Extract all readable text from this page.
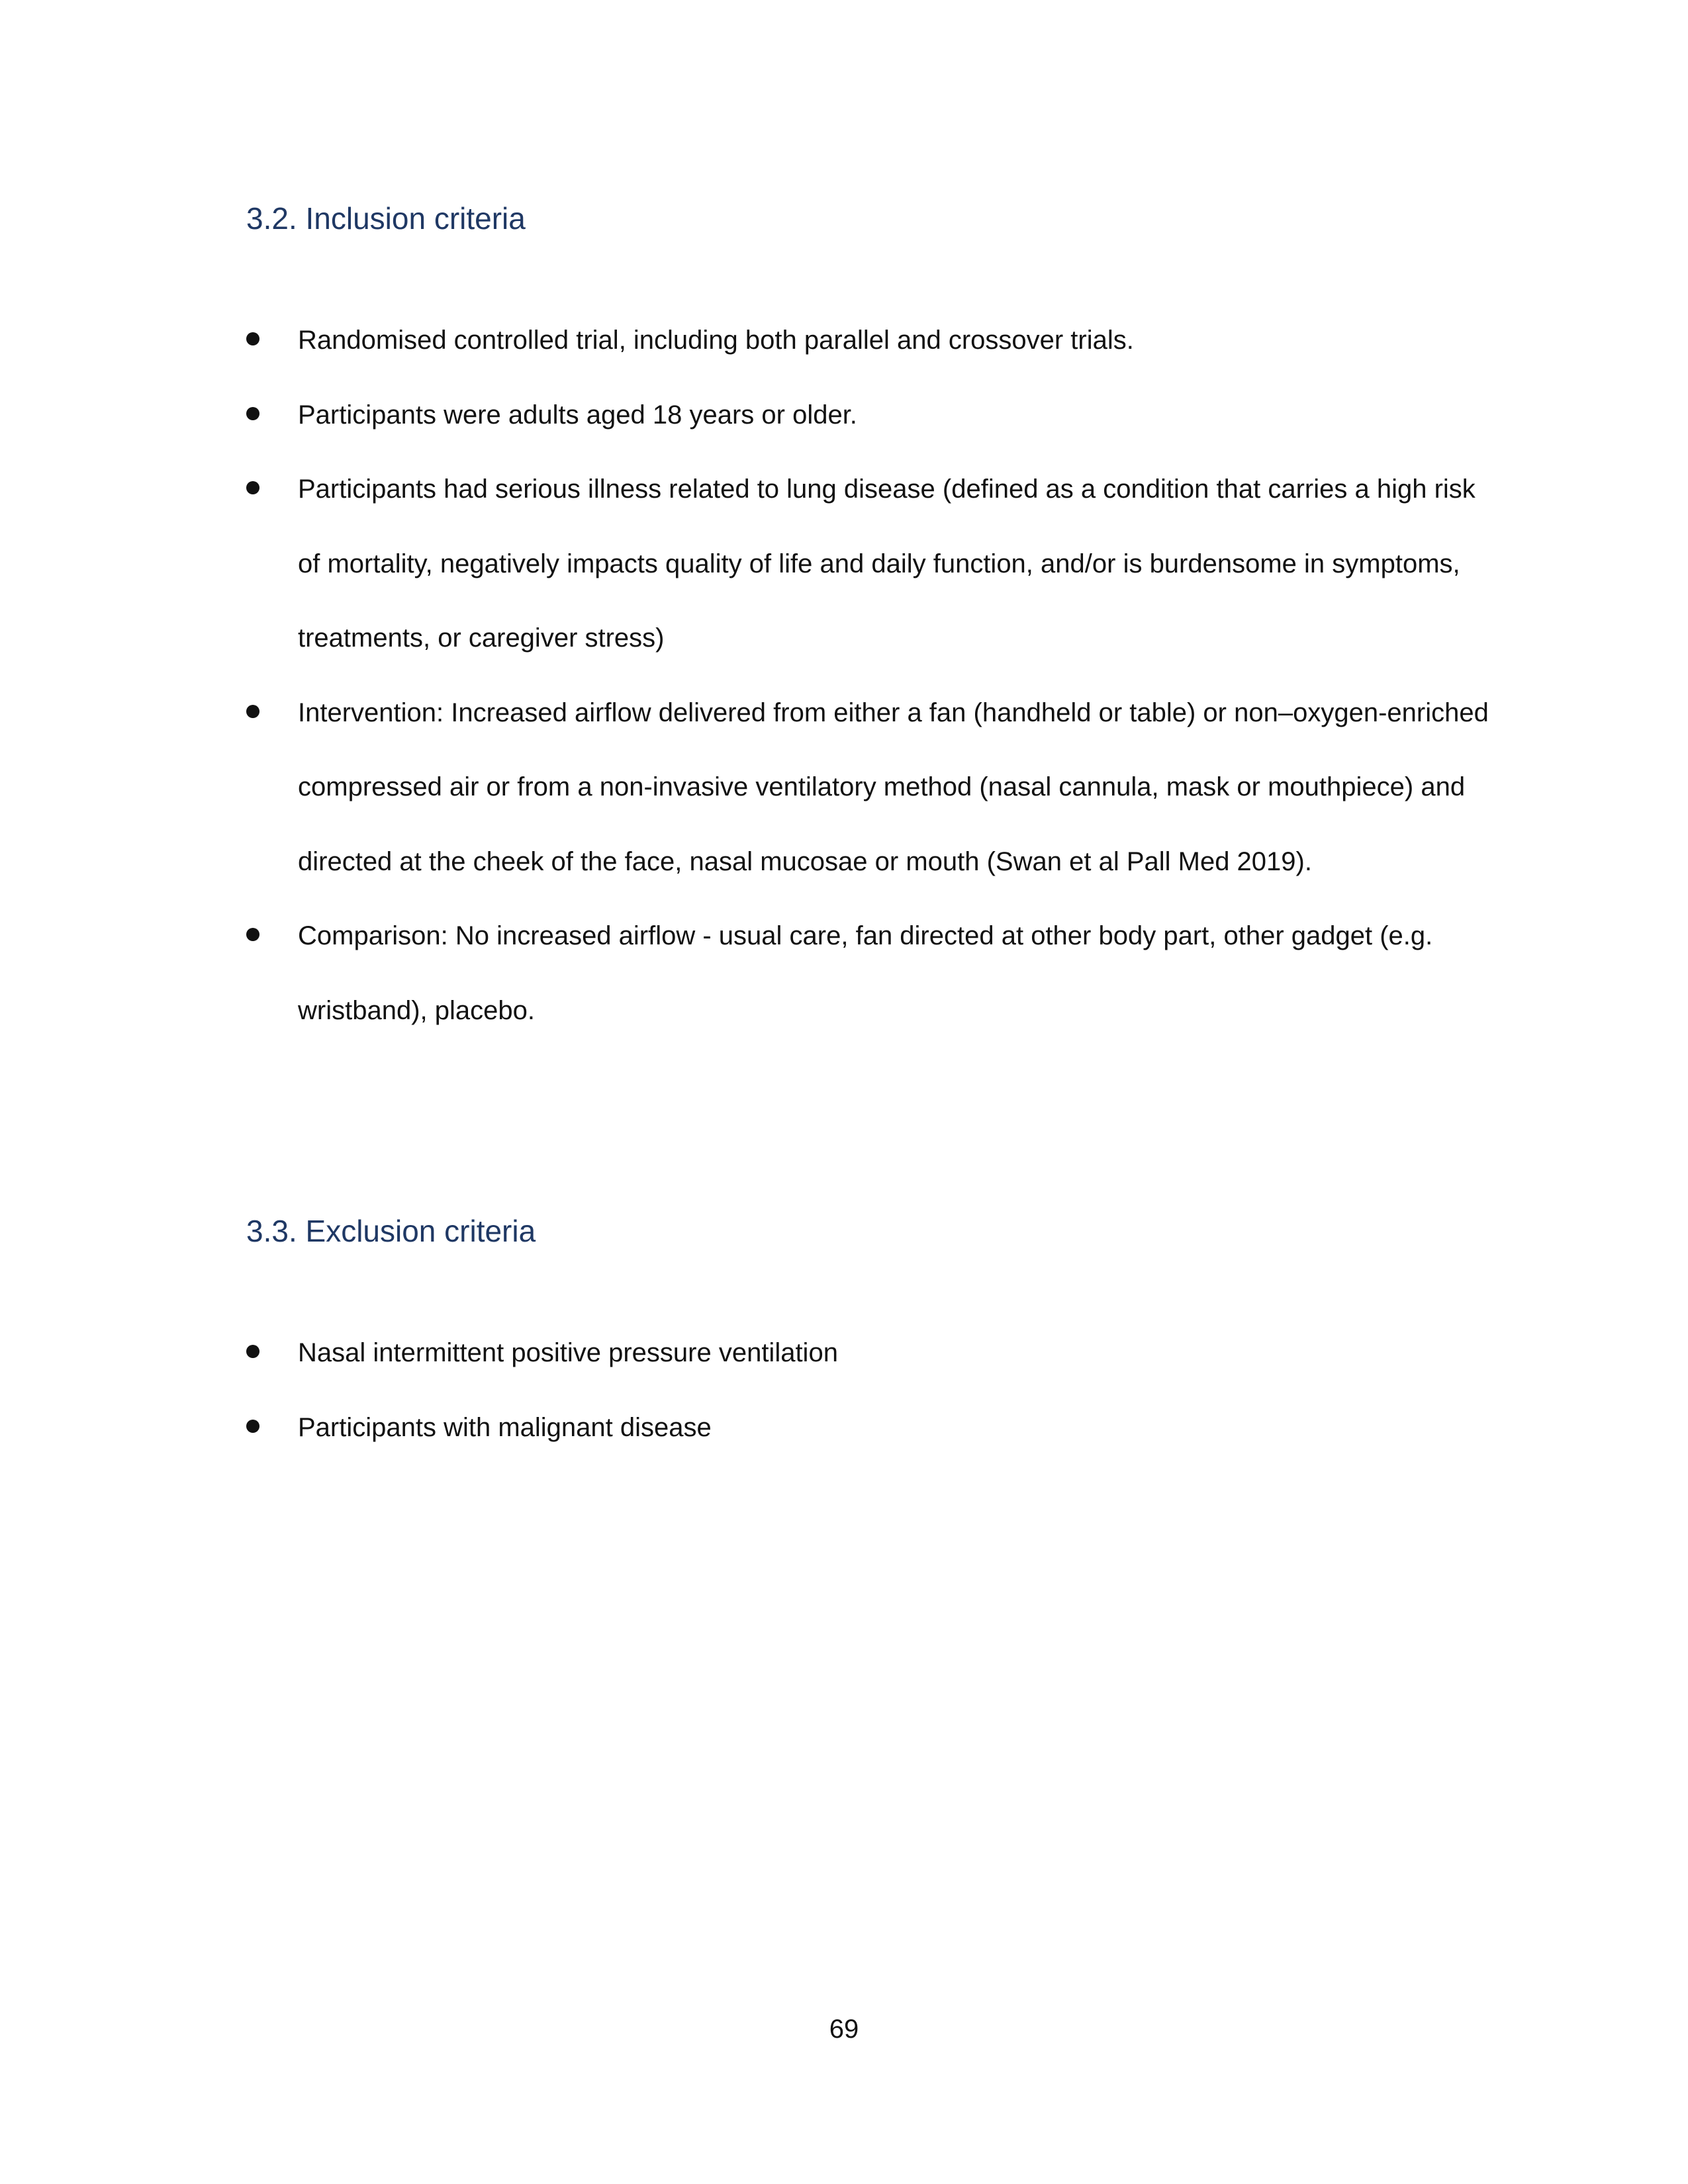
3.2. Inclusion criteria
Randomised controlled trial, including both parallel and crossover trials.
Participants were adults aged 18 years or older.
Participants had serious illness related to lung disease (defined as a condition that carries a high risk of mortality, negatively impacts quality of life and daily function, and/or is burdensome in symptoms, treatments, or caregiver stress)
Intervention: Increased airflow delivered from either a fan (handheld or table) or non–oxygen-enriched compressed air or from a non-invasive ventilatory method (nasal cannula, mask or mouthpiece) and directed at the cheek of the face, nasal mucosae or mouth (Swan et al Pall Med 2019).
Comparison: No increased airflow - usual care, fan directed at other body part, other gadget (e.g. wristband), placebo.
3.3. Exclusion criteria
Nasal intermittent positive pressure ventilation
Participants with malignant disease
69
